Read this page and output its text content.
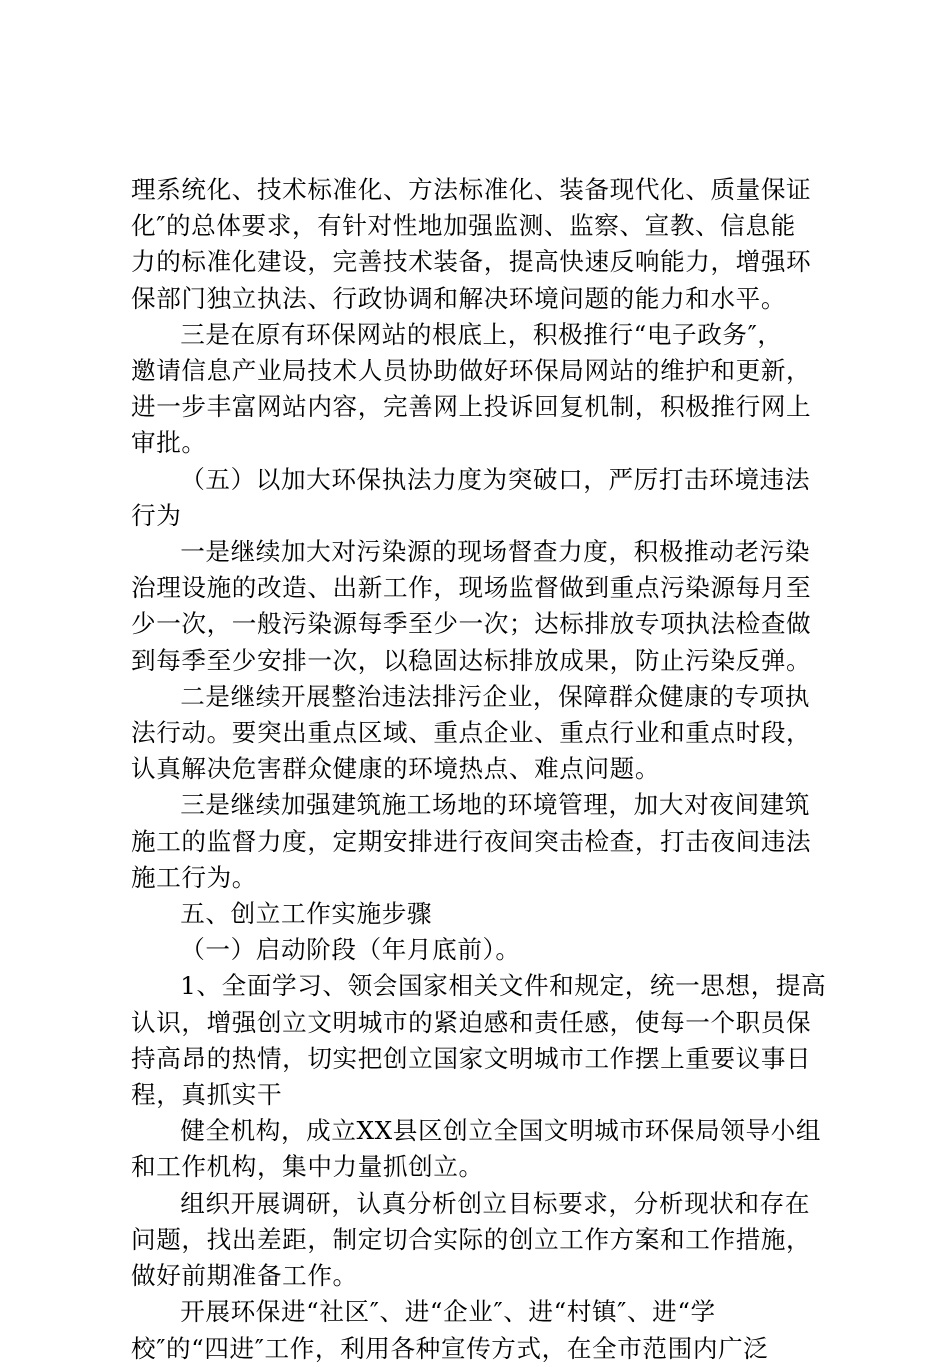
理系统化、技术标准化、方法标准化、装备现代化、质量保证
化″的总体要求，有针对性地加强监测、监察、宣教、信息能
力的标准化建设，完善技术装备，提高快速反响能力，增强环
保部门独立执法、行政协调和解决环境问题的能力和水平。

三是在原有环保网站的根底上，积极推行“电子政务″，
邀请信息产业局技术人员协助做好环保局网站的维护和更新，
进一步丰富网站内容，完善网上投诉回复机制，积极推行网上
审批。

（五）以加大环保执法力度为突破口，严厉打击环境违法
行为

一是继续加大对污染源的现场督查力度，积极推动老污染
治理设施的改造、出新工作，现场监督做到重点污染源每月至
少一次，一般污染源每季至少一次；达标排放专项执法检查做
到每季至少安排一次，以稳固达标排放成果，防止污染反弹。

二是继续开展整治违法排污企业，保障群众健康的专项执
法行动。要突出重点区域、重点企业、重点行业和重点时段，
认真解决危害群众健康的环境热点、难点问题。

三是继续加强建筑施工场地的环境管理，加大对夜间建筑
施工的监督力度，定期安排进行夜间突击检查，打击夜间违法
施工行为。

五、创立工作实施步骤

（一）启动阶段（年月底前）。

1、全面学习、领会国家相关文件和规定，统一思想，提高
认识，增强创立文明城市的紧迫感和责任感，使每一个职员保
持高昂的热情，切实把创立国家文明城市工作摆上重要议事日
程，真抓实干

健全机构，成立XX县区创立全国文明城市环保局领导小组
和工作机构，集中力量抓创立。

组织开展调研，认真分析创立目标要求，分析现状和存在
问题，找出差距，制定切合实际的创立工作方案和工作措施，
做好前期准备工作。

开展环保进“社区″、进“企业″、进“村镇″、进“学
校″的“四进″工作，利用各种宣传方式，在全市范围内广泛
